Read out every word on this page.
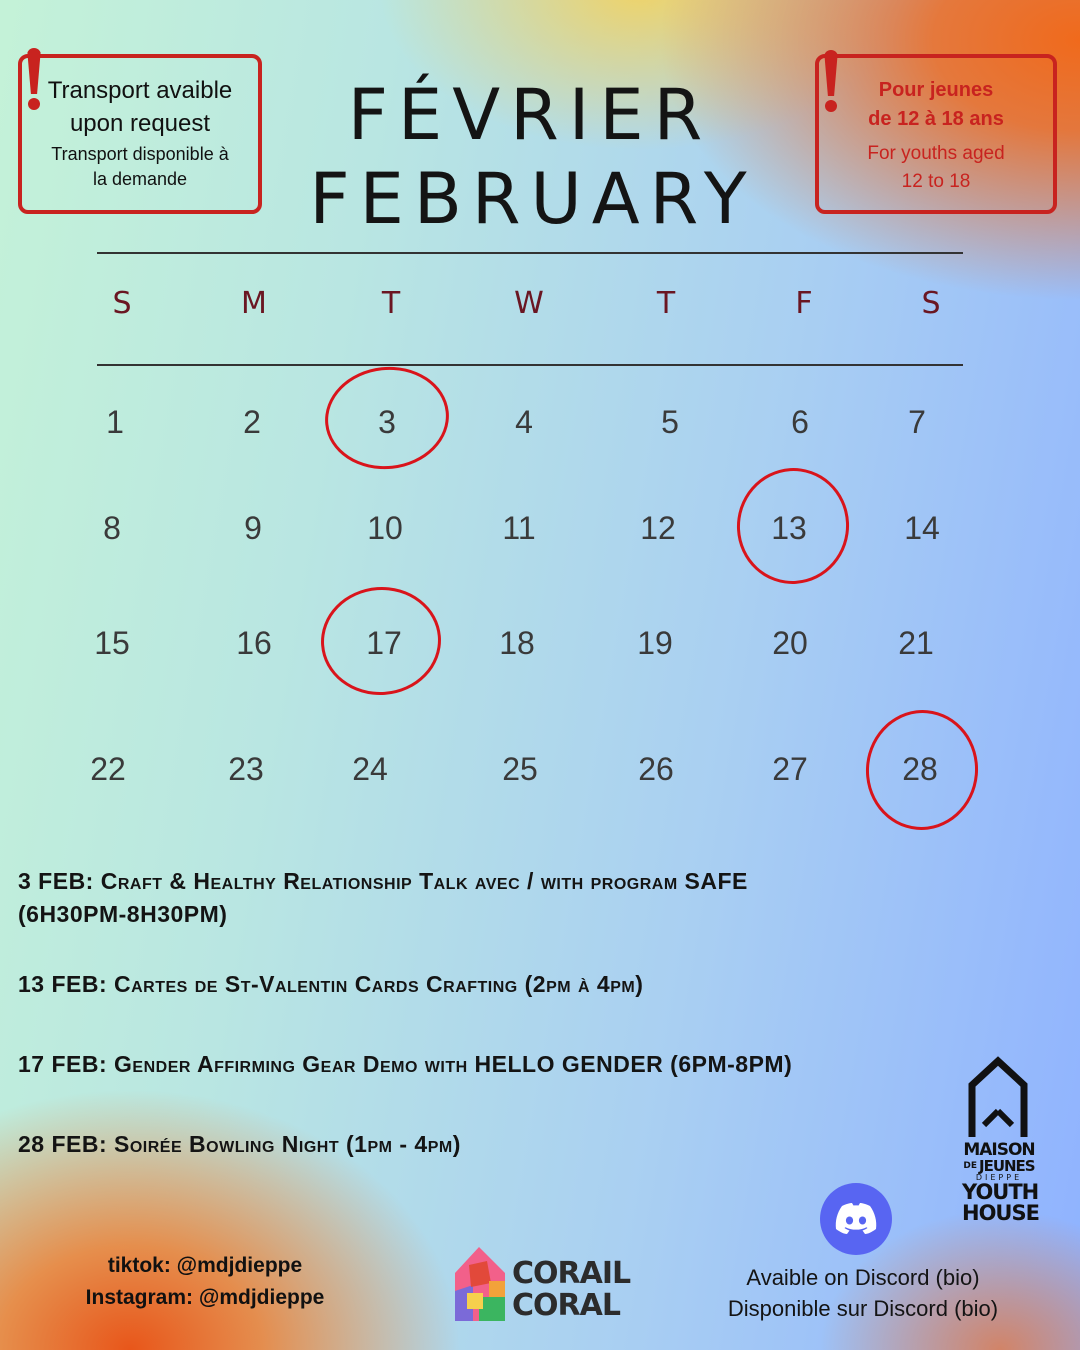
Transport avaible
upon request
Transport disponible à
la demande
Pour jeunes
de 12 à 18 ans
For youths aged
12 to 18
FÉVRIER
FEBRUARY
S	M	T	W	T	F	S
1	2	3	4	5	6	7
8	9	10	11	12	13	14
15	16	17	18	19	20	21
22	23	24	25	26	27	28
3 FEB: Craft & Healthy Relationship Talk avec / with program SAFE
(6H30PM-8H30PM)
13 FEB: Cartes de St-Valentin Cards Crafting (2pm à 4pm)
17 FEB: Gender Affirming Gear Demo with HELLO GENDER (6PM-8PM)
28 FEB: Soirée Bowling Night (1pm - 4pm)	MAISON
DE JEUNES
DIEPPE
YOUTH
HOUSE
Avaible on Discord (bio)
Disponible sur Discord (bio)
tiktok: @mdjdieppe
Instagram: @mdjdieppe
CORAIL
CORAL
